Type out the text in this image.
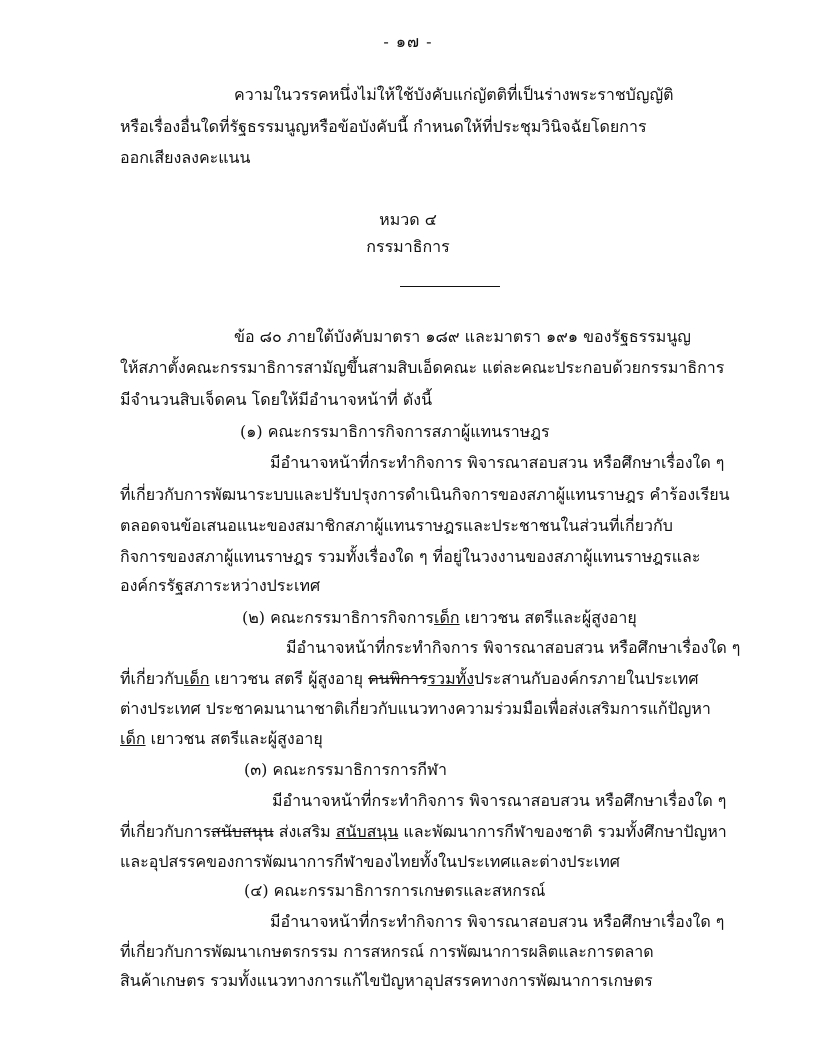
- ๑๗ -
ความในวรรคหนึ่งไม่ให้ใช้บังคับแก่ญัตติที่เป็นร่างพระราชบัญญัติ
หรือเรื่องอื่นใดที่รัฐธรรมนูญหรือข้อบังคับนี้ กำหนดให้ที่ประชุมวินิจฉัยโดยการ
ออกเสียงลงคะแนน
หมวด ๔
กรรมาธิการ
ข้อ ๘๐ ภายใต้บังคับมาตรา ๑๘๙ และมาตรา ๑๙๑ ของรัฐธรรมนูญ
ให้สภาตั้งคณะกรรมาธิการสามัญขึ้นสามสิบเอ็ดคณะ แต่ละคณะประกอบด้วยกรรมาธิการ
มีจำนวนสิบเจ็ดคน โดยให้มีอำนาจหน้าที่ ดังนี้
(๑) คณะกรรมาธิการกิจการสภาผู้แทนราษฎร
มีอำนาจหน้าที่กระทำกิจการ พิจารณาสอบสวน หรือศึกษาเรื่องใด ๆ
ที่เกี่ยวกับการพัฒนาระบบและปรับปรุงการดำเนินกิจการของสภาผู้แทนราษฎร คำร้องเรียน
ตลอดจนข้อเสนอแนะของสมาชิกสภาผู้แทนราษฎรและประชาชนในส่วนที่เกี่ยวกับ
กิจการของสภาผู้แทนราษฎร รวมทั้งเรื่องใด ๆ ที่อยู่ในวงงานของสภาผู้แทนราษฎรและ
องค์กรรัฐสภาระหว่างประเทศ
(๒) คณะกรรมาธิการกิจการเด็ก เยาวชน สตรีและผู้สูงอายุ
มีอำนาจหน้าที่กระทำกิจการ พิจารณาสอบสวน หรือศึกษาเรื่องใด ๆ
ที่เกี่ยวกับเด็ก เยาวชน สตรี ผู้สูงอายุ คนพิการรวมทั้งประสานกับองค์กรภายในประเทศ
ต่างประเทศ ประชาคมนานาชาติเกี่ยวกับแนวทางความร่วมมือเพื่อส่งเสริมการแก้ปัญหา
เด็ก เยาวชน สตรีและผู้สูงอายุ
(๓) คณะกรรมาธิการการกีฬา
มีอำนาจหน้าที่กระทำกิจการ พิจารณาสอบสวน หรือศึกษาเรื่องใด ๆ
ที่เกี่ยวกับการสนับสนุน ส่งเสริม สนับสนุน และพัฒนาการกีฬาของชาติ รวมทั้งศึกษาปัญหา
และอุปสรรคของการพัฒนาการกีฬาของไทยทั้งในประเทศและต่างประเทศ
(๔) คณะกรรมาธิการการเกษตรและสหกรณ์
มีอำนาจหน้าที่กระทำกิจการ พิจารณาสอบสวน หรือศึกษาเรื่องใด ๆ
ที่เกี่ยวกับการพัฒนาเกษตรกรรม การสหกรณ์ การพัฒนาการผลิตและการตลาด
สินค้าเกษตร รวมทั้งแนวทางการแก้ไขปัญหาอุปสรรคทางการพัฒนาการเกษตร
